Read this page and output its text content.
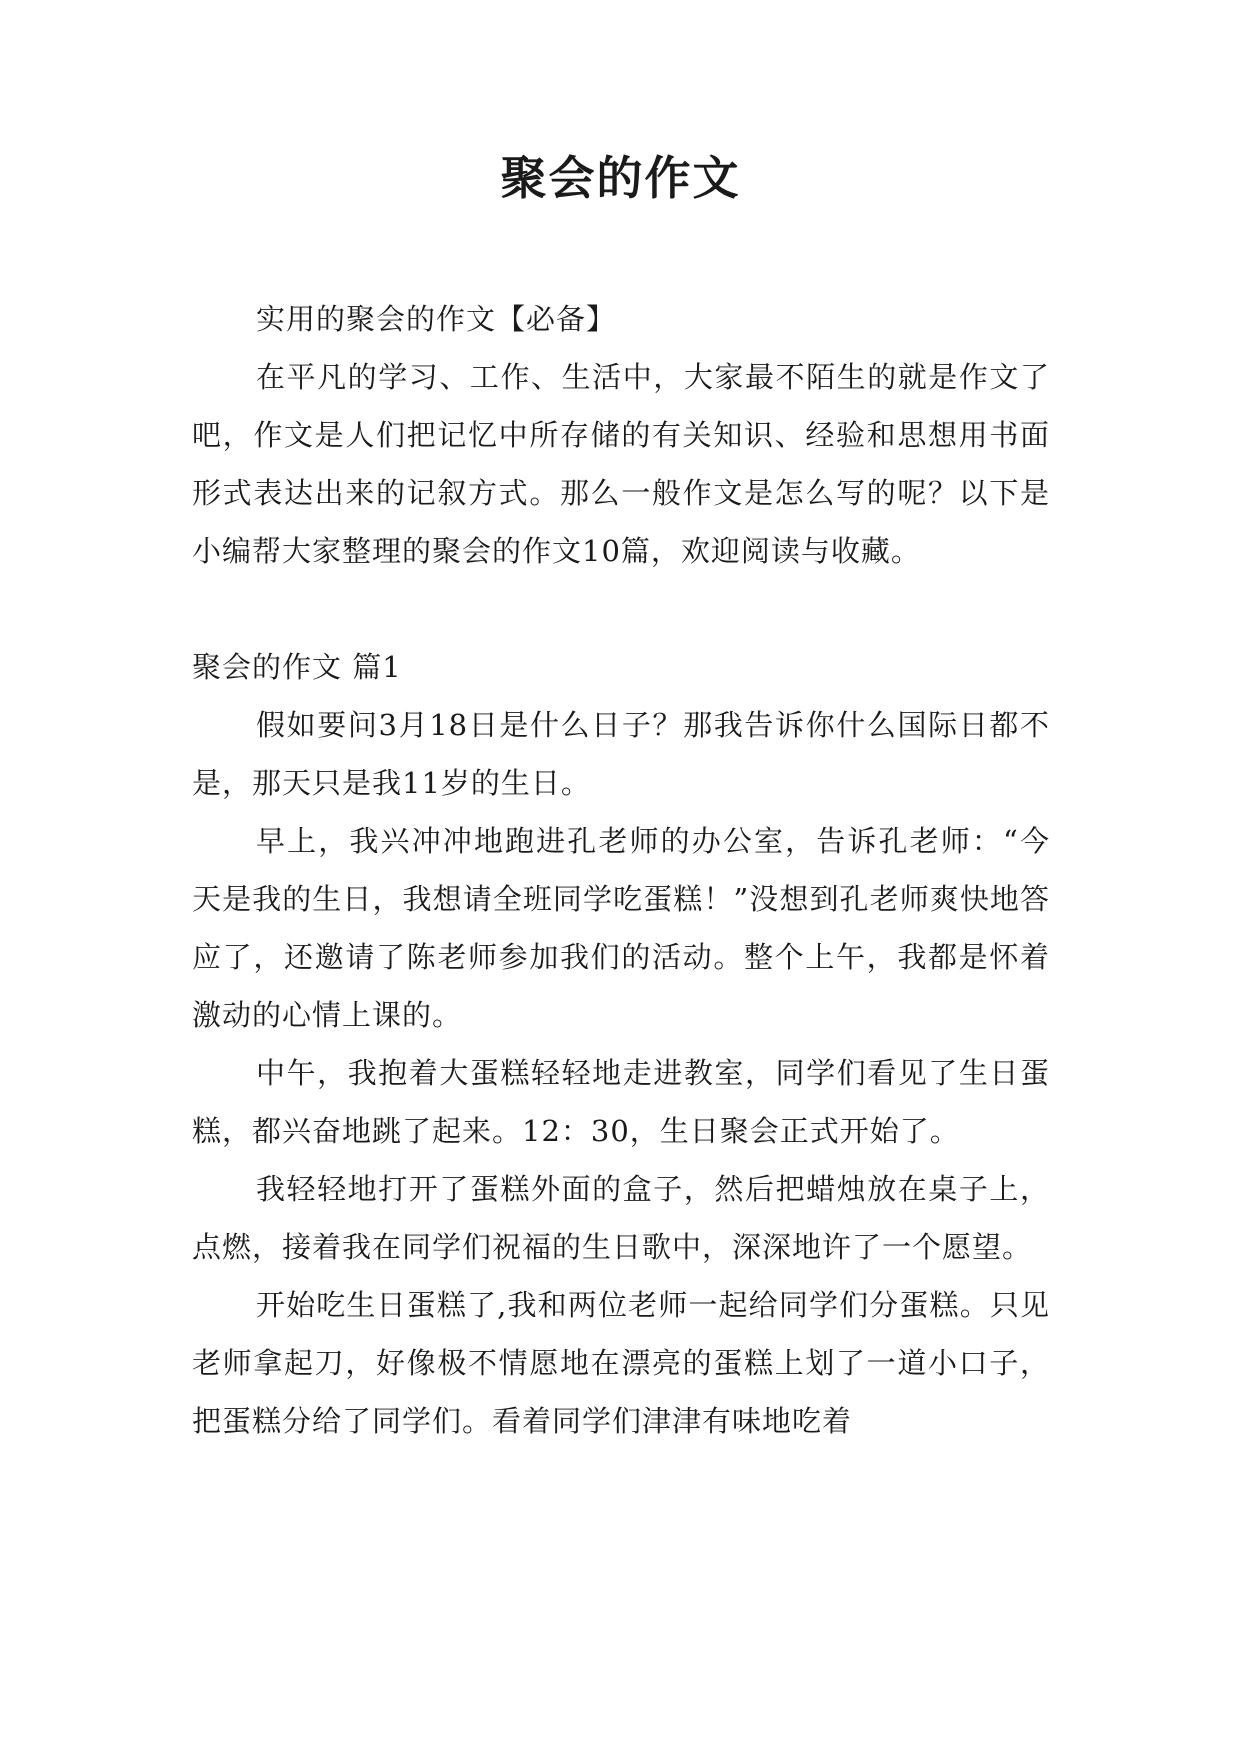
聚会的作文

实用的聚会的作文【必备】

在平凡的学习、工作、生活中，大家最不陌生的就是作文了吧，作文是人们把记忆中所存储的有关知识、经验和思想用书面形式表达出来的记叙方式。那么一般作文是怎么写的呢？以下是小编帮大家整理的聚会的作文10篇，欢迎阅读与收藏。

聚会的作文 篇1

假如要问3月18日是什么日子？那我告诉你什么国际日都不是，那天只是我11岁的生日。

早上，我兴冲冲地跑进孔老师的办公室，告诉孔老师：“今天是我的生日，我想请全班同学吃蛋糕！”没想到孔老师爽快地答应了，还邀请了陈老师参加我们的活动。整个上午，我都是怀着激动的心情上课的。

中午，我抱着大蛋糕轻轻地走进教室，同学们看见了生日蛋糕，都兴奋地跳了起来。12：30，生日聚会正式开始了。

我轻轻地打开了蛋糕外面的盒子，然后把蜡烛放在桌子上，点燃，接着我在同学们祝福的生日歌中，深深地许了一个愿望。

开始吃生日蛋糕了,我和两位老师一起给同学们分蛋糕。只见老师拿起刀，好像极不情愿地在漂亮的蛋糕上划了一道小口子，把蛋糕分给了同学们。看着同学们津津有味地吃着
